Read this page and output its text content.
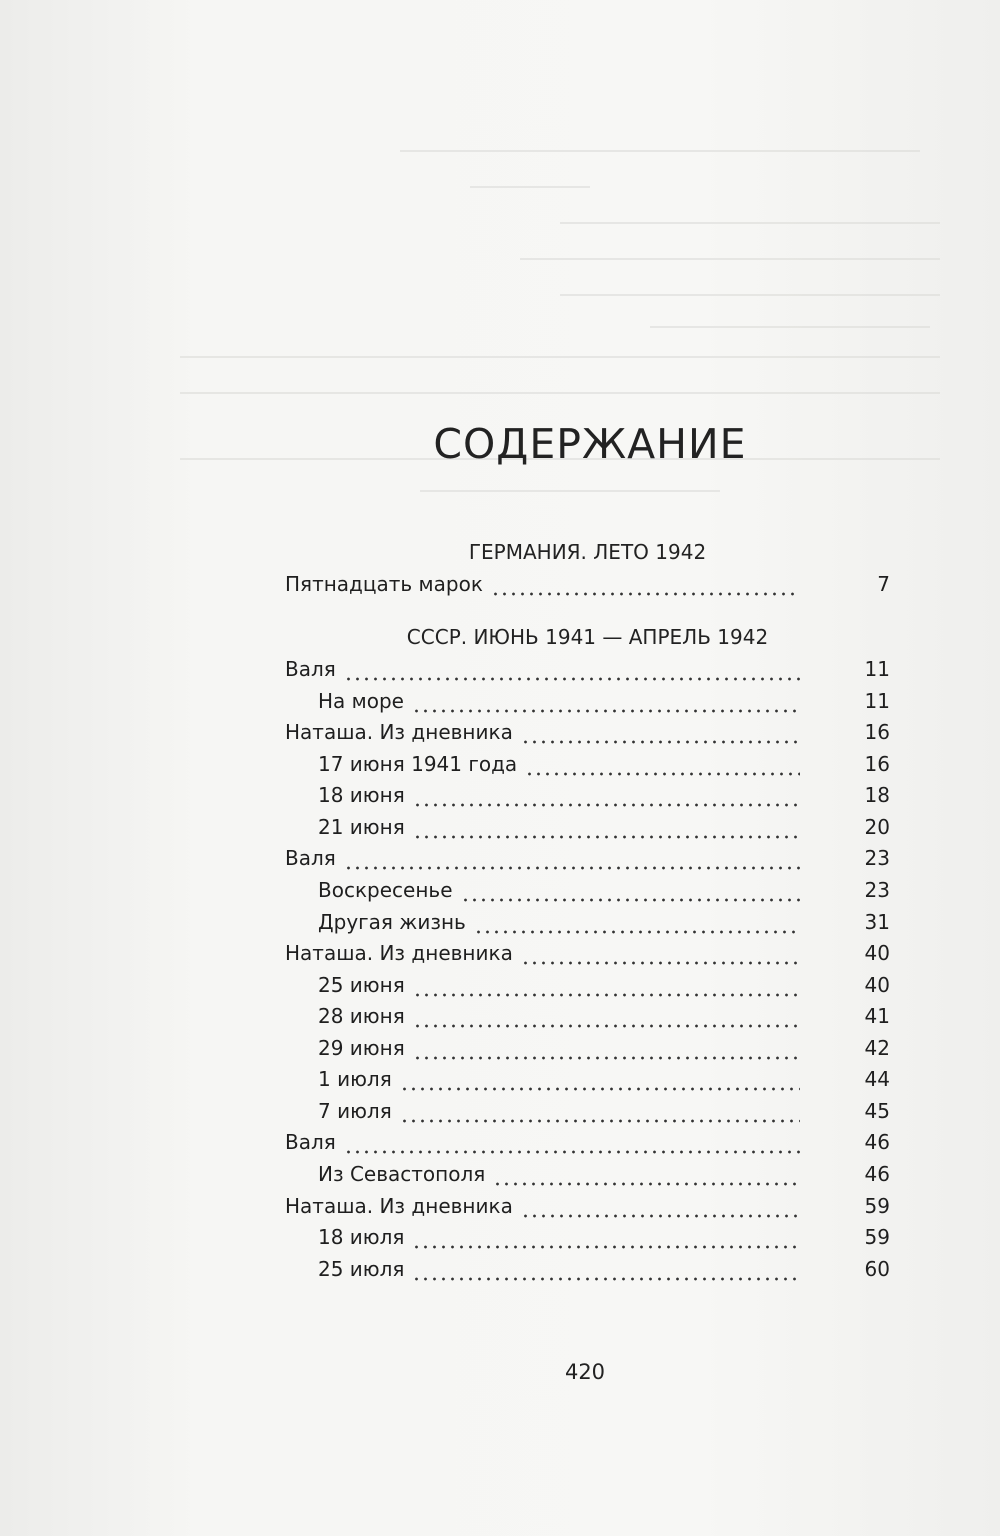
СОДЕРЖАНИЕ
ГЕРМАНИЯ. ЛЕТО 1942
Пятнадцать марок	7
СССР. ИЮНЬ 1941 — АПРЕЛЬ 1942
Валя	11
На море	11
Наташа. Из дневника	16
17 июня 1941 года	16
18 июня	18
21 июня	20
Валя	23
Воскресенье	23
Другая жизнь	31
Наташа. Из дневника	40
25 июня	40
28 июня	41
29 июня	42
1 июля	44
7 июля	45
Валя	46
Из Севастополя	46
Наташа. Из дневника	59
18 июля	59
25 июля	60
420
